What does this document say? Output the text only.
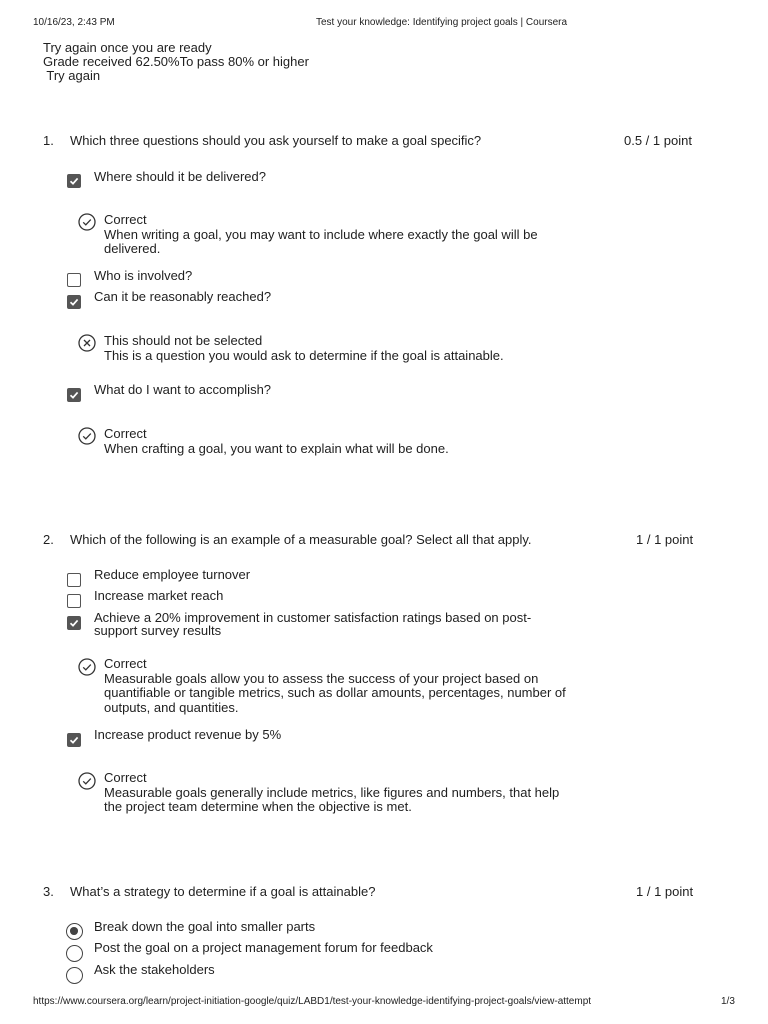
10/16/23, 2:43 PM	Test your knowledge: Identifying project goals | Coursera
Try again once you are ready
Grade received 62.50%To pass 80% or higher
Try again
1. Which three questions should you ask yourself to make a goal specific?	0.5 / 1 point
Where should it be delivered?
Correct
When writing a goal, you may want to include where exactly the goal will be
delivered.
Who is involved?
Can it be reasonably reached?
This should not be selected
This is a question you would ask to determine if the goal is attainable.
What do I want to accomplish?
Correct
When crafting a goal, you want to explain what will be done.
2. Which of the following is an example of a measurable goal? Select all that apply.	1 / 1 point
Reduce employee turnover
Increase market reach
Achieve a 20% improvement in customer satisfaction ratings based on post-
support survey results
Correct
Measurable goals allow you to assess the success of your project based on
quantifiable or tangible metrics, such as dollar amounts, percentages, number of
outputs, and quantities.
Increase product revenue by 5%
Correct
Measurable goals generally include metrics, like figures and numbers, that help
the project team determine when the objective is met.
3. What’s a strategy to determine if a goal is attainable?	1 / 1 point
Break down the goal into smaller parts
Post the goal on a project management forum for feedback
Ask the stakeholders
https://www.coursera.org/learn/project-initiation-google/quiz/LABD1/test-your-knowledge-identifying-project-goals/view-attempt	1/3
